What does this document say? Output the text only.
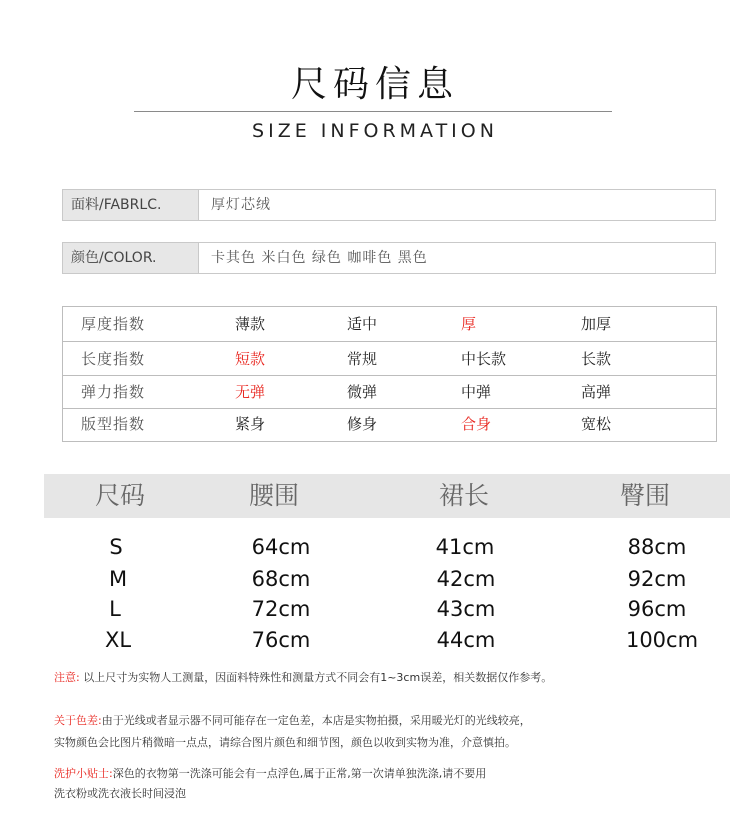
尺码信息
SIZE INFORMATION
面料/FABRLC.	厚灯芯绒
颜色/COLOR.	卡其色 米白色 绿色 咖啡色 黑色
厚度指数	薄款	适中	厚	加厚
长度指数	短款	常规	中长款	长款
弹力指数	无弹	微弹	中弹	高弹
版型指数	紧身	修身	合身	宽松
尺码	腰围	裙长	臀围
S	64cm	41cm	88cm
M	68cm	42cm	92cm
L	72cm	43cm	96cm
XL	76cm	44cm	100cm
注意: 以上尺寸为实物人工测量，因面料特殊性和测量方式不同会有1~3cm误差，相关数据仅作参考。
关于色差:由于光线或者显示器不同可能存在一定色差，本店是实物拍摄，采用暖光灯的光线较亮，
实物颜色会比图片稍微暗一点点，请综合图片颜色和细节图，颜色以收到实物为准，介意慎拍。
洗护小贴士:深色的衣物第一洗涤可能会有一点浮色,属于正常,第一次请单独洗涤,请不要用
洗衣粉或洗衣液长时间浸泡
